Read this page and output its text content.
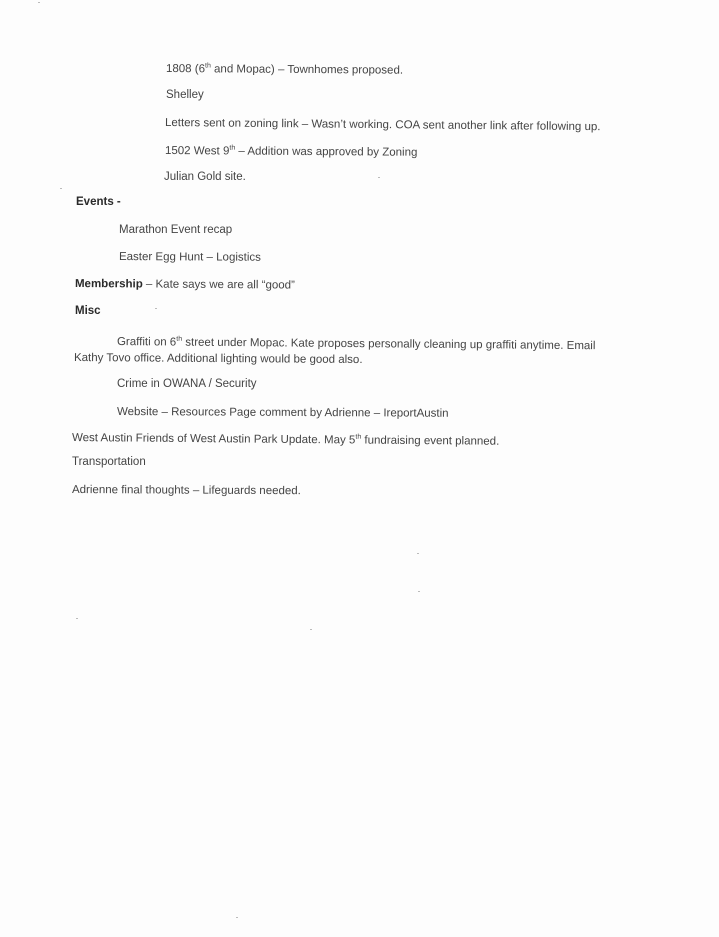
1808 (6th and Mopac) – Townhomes proposed.
Shelley
Letters sent on zoning link – Wasn’t working. COA sent another link after following up.
1502 West 9th – Addition was approved by Zoning
Julian Gold site.
Events -
Marathon Event recap
Easter Egg Hunt – Logistics
Membership – Kate says we are all “good”
Misc
Graffiti on 6th street under Mopac. Kate proposes personally cleaning up graffiti anytime. Email
Kathy Tovo office. Additional lighting would be good also.
Crime in OWANA / Security
Website – Resources Page comment by Adrienne – IreportAustin
West Austin Friends of West Austin Park Update. May 5th fundraising event planned.
Transportation
Adrienne final thoughts – Lifeguards needed.
